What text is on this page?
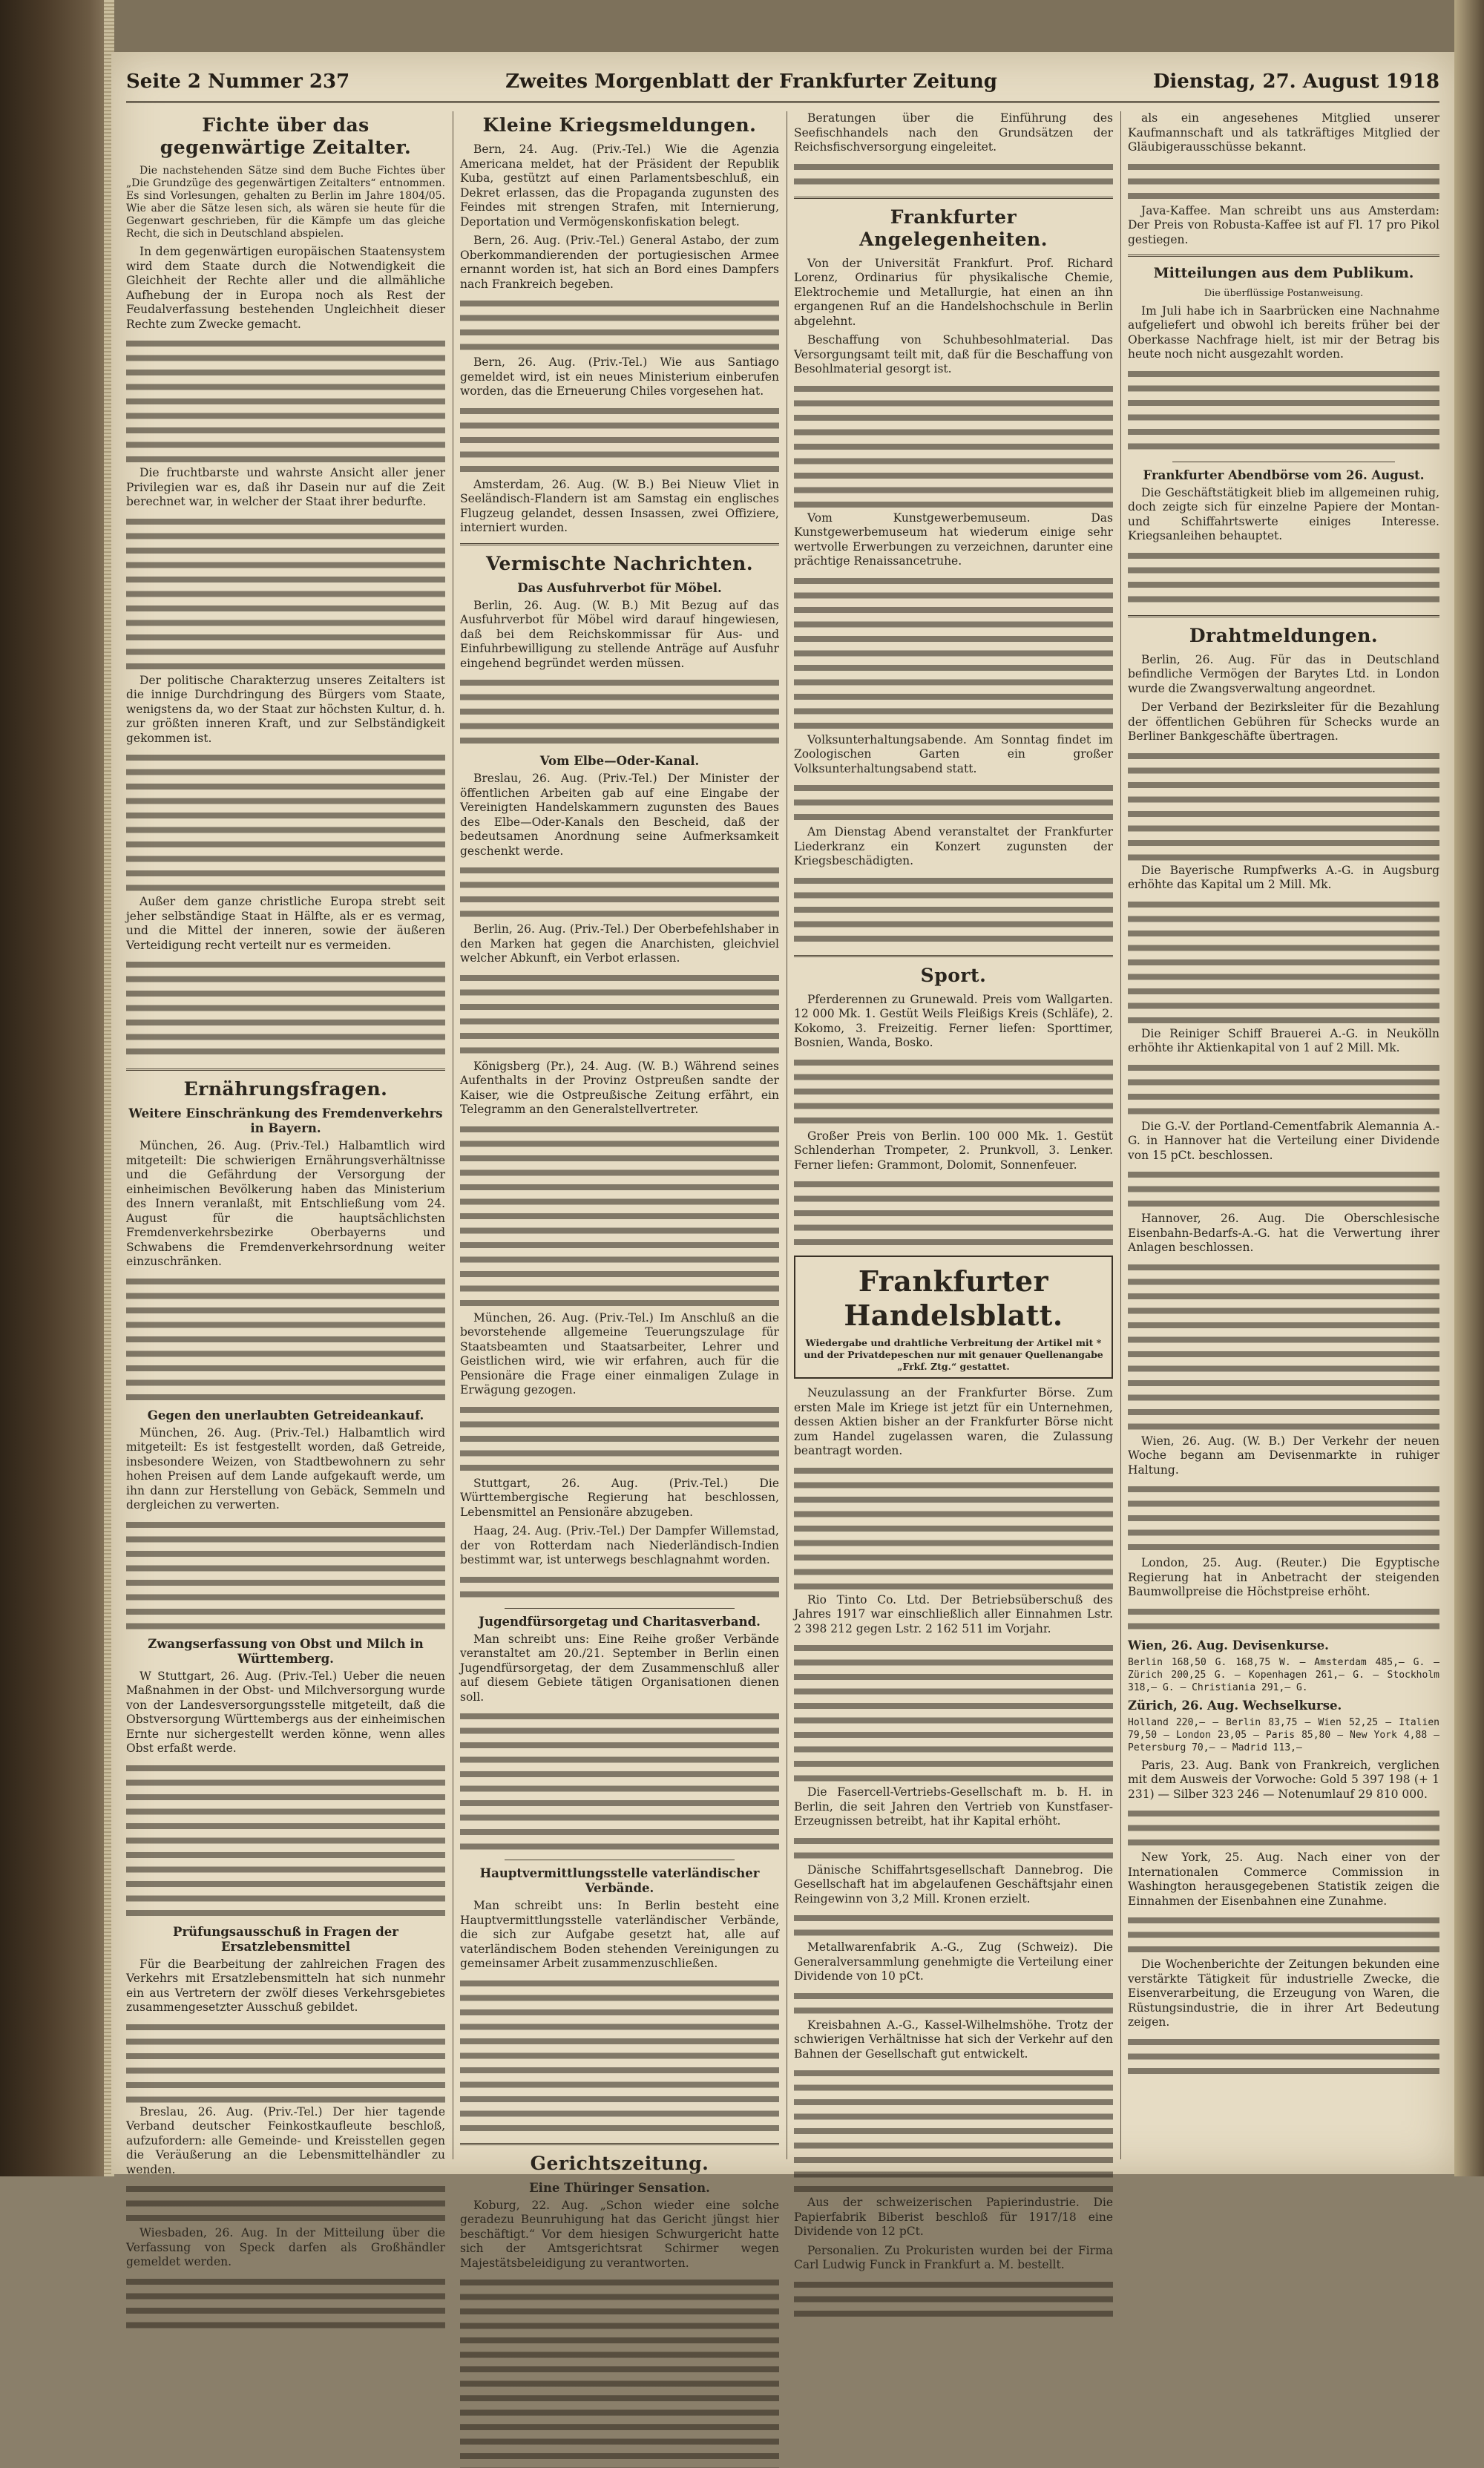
Seite 2 Nummer 237	Zweites Morgenblatt der Frankfurter Zeitung	Dienstag, 27. August 1918
Fichte über das gegenwärtige Zeitalter.

Die nachstehenden Sätze sind dem Buche Fichtes über „Die Grundzüge des gegenwärtigen Zeitalters“ entnommen. Es sind Vorlesungen, gehalten zu Berlin im Jahre 1804/05. Wie aber die Sätze lesen sich, als wären sie heute für die Gegenwart geschrieben, für die Kämpfe um das gleiche Recht, die sich in Deutschland abspielen.

In dem gegenwärtigen europäischen Staatensystem wird dem Staate durch die Notwendigkeit die Gleichheit der Rechte aller und die allmähliche Aufhebung der in Europa noch als Rest der Feudalverfassung bestehenden Ungleichheit dieser Rechte zum Zwecke gemacht.

Die fruchtbarste und wahrste Ansicht aller jener Privilegien war es, daß ihr Dasein nur auf die Zeit berechnet war, in welcher der Staat ihrer bedurfte.

Der politische Charakterzug unseres Zeitalters ist die innige Durchdringung des Bürgers vom Staate, wenigstens da, wo der Staat zur höchsten Kultur, d. h. zur größten inneren Kraft, und zur Selbständigkeit gekommen ist.

Außer dem ganze christliche Europa strebt seit jeher selbständige Staat in Hälfte, als er es vermag, und die Mittel der inneren, sowie der äußeren Verteidigung recht verteilt nur es vermeiden.

Ernährungsfragen.
Weitere Einschränkung des Fremdenverkehrs in Bayern.

München, 26. Aug. (Priv.-Tel.) Halbamtlich wird mitgeteilt: Die schwierigen Ernährungsverhältnisse und die Gefährdung der Versorgung der einheimischen Bevölkerung haben das Ministerium des Innern veranlaßt, mit Entschließung vom 24. August für die hauptsächlichsten Fremdenverkehrsbezirke Oberbayerns und Schwabens die Fremdenverkehrsordnung weiter einzuschränken.

Gegen den unerlaubten Getreideankauf.

München, 26. Aug. (Priv.-Tel.) Halbamtlich wird mitgeteilt: Es ist festgestellt worden, daß Getreide, insbesondere Weizen, von Stadtbewohnern zu sehr hohen Preisen auf dem Lande aufgekauft werde, um ihn dann zur Herstellung von Gebäck, Semmeln und dergleichen zu verwerten.

Zwangserfassung von Obst und Milch in Württemberg.

W Stuttgart, 26. Aug. (Priv.-Tel.) Ueber die neuen Maßnahmen in der Obst- und Milchversorgung wurde von der Landesversorgungsstelle mitgeteilt, daß die Obstversorgung Württembergs aus der einheimischen Ernte nur sichergestellt werden könne, wenn alles Obst erfaßt werde.

Prüfungsausschuß in Fragen der Ersatzlebensmittel

Für die Bearbeitung der zahlreichen Fragen des Verkehrs mit Ersatzlebensmitteln hat sich nunmehr ein aus Vertretern der zwölf dieses Verkehrsgebietes zusammengesetzter Ausschuß gebildet.

Breslau, 26. Aug. (Priv.-Tel.) Der hier tagende Verband deutscher Feinkostkaufleute beschloß, aufzufordern: alle Gemeinde- und Kreisstellen gegen die Veräußerung an die Lebensmittelhändler zu wenden.

Wiesbaden, 26. Aug. In der Mitteilung über die Verfassung von Speck darfen als Großhändler gemeldet werden.

Kleine Kriegsmeldungen.

Bern, 24. Aug. (Priv.-Tel.) Wie die Agenzia Americana meldet, hat der Präsident der Republik Kuba, gestützt auf einen Parlamentsbeschluß, ein Dekret erlassen, das die Propaganda zugunsten des Feindes mit strengen Strafen, mit Internierung, Deportation und Vermögenskonfiskation belegt.

Bern, 26. Aug. (Priv.-Tel.) General Astabo, der zum Oberkommandierenden der portugiesischen Armee ernannt worden ist, hat sich an Bord eines Dampfers nach Frankreich begeben.

Bern, 26. Aug. (Priv.-Tel.) Wie aus Santiago gemeldet wird, ist ein neues Ministerium einberufen worden, das die Erneuerung Chiles vorgesehen hat.

Amsterdam, 26. Aug. (W. B.) Bei Nieuw Vliet in Seeländisch-Flandern ist am Samstag ein englisches Flugzeug gelandet, dessen Insassen, zwei Offiziere, interniert wurden.

Vermischte Nachrichten.
Das Ausfuhrverbot für Möbel.

Berlin, 26. Aug. (W. B.) Mit Bezug auf das Ausfuhrverbot für Möbel wird darauf hingewiesen, daß bei dem Reichskommissar für Aus- und Einfuhrbewilligung zu stellende Anträge auf Ausfuhr eingehend begründet werden müssen.

Vom Elbe—Oder-Kanal.

Breslau, 26. Aug. (Priv.-Tel.) Der Minister der öffentlichen Arbeiten gab auf eine Eingabe der Vereinigten Handelskammern zugunsten des Baues des Elbe—Oder-Kanals den Bescheid, daß der bedeutsamen Anordnung seine Aufmerksamkeit geschenkt werde.

Berlin, 26. Aug. (Priv.-Tel.) Der Oberbefehlshaber in den Marken hat gegen die Anarchisten, gleichviel welcher Abkunft, ein Verbot erlassen.

Königsberg (Pr.), 24. Aug. (W. B.) Während seines Aufenthalts in der Provinz Ostpreußen sandte der Kaiser, wie die Ostpreußische Zeitung erfährt, ein Telegramm an den Generalstellvertreter.

München, 26. Aug. (Priv.-Tel.) Im Anschluß an die bevorstehende allgemeine Teuerungszulage für Staatsbeamten und Staatsarbeiter, Lehrer und Geistlichen wird, wie wir erfahren, auch für die Pensionäre die Frage einer einmaligen Zulage in Erwägung gezogen.

Stuttgart, 26. Aug. (Priv.-Tel.) Die Württembergische Regierung hat beschlossen, Lebensmittel an Pensionäre abzugeben.

Haag, 24. Aug. (Priv.-Tel.) Der Dampfer Willemstad, der von Rotterdam nach Niederländisch-Indien bestimmt war, ist unterwegs beschlagnahmt worden.

Jugendfürsorgetag und Charitasverband.

Man schreibt uns: Eine Reihe großer Verbände veranstaltet am 20./21. September in Berlin einen Jugendfürsorgetag, der dem Zusammenschluß aller auf diesem Gebiete tätigen Organisationen dienen soll.

Hauptvermittlungsstelle vaterländischer Verbände.

Man schreibt uns: In Berlin besteht eine Hauptvermittlungsstelle vaterländischer Verbände, die sich zur Aufgabe gesetzt hat, alle auf vaterländischem Boden stehenden Vereinigungen zu gemeinsamer Arbeit zusammenzuschließen.

Gerichtszeitung.
Eine Thüringer Sensation.

Koburg, 22. Aug. „Schon wieder eine solche geradezu Beunruhigung hat das Gericht jüngst hier beschäftigt.“ Vor dem hiesigen Schwurgericht hatte sich der Amtsgerichtsrat Schirmer wegen Majestätsbeleidigung zu verantworten.

Beratungen über die Einführung des Seefischhandels nach den Grundsätzen der Reichsfischversorgung eingeleitet.

Frankfurter Angelegenheiten.

Von der Universität Frankfurt. Prof. Richard Lorenz, Ordinarius für physikalische Chemie, Elektrochemie und Metallurgie, hat einen an ihn ergangenen Ruf an die Handelshochschule in Berlin abgelehnt.

Beschaffung von Schuhbesohlmaterial. Das Versorgungsamt teilt mit, daß für die Beschaffung von Besohlmaterial gesorgt ist.

Vom Kunstgewerbemuseum. Das Kunstgewerbemuseum hat wiederum einige sehr wertvolle Erwerbungen zu verzeichnen, darunter eine prächtige Renaissancetruhe.

Volksunterhaltungsabende. Am Sonntag findet im Zoologischen Garten ein großer Volksunterhaltungsabend statt.

Am Dienstag Abend veranstaltet der Frankfurter Liederkranz ein Konzert zugunsten der Kriegsbeschädigten.

Sport.

Pferderennen zu Grunewald. Preis vom Wallgarten. 12 000 Mk. 1. Gestüt Weils Fleißigs Kreis (Schläfe), 2. Kokomo, 3. Freizeitig. Ferner liefen: Sporttimer, Bosnien, Wanda, Bosko.

Großer Preis von Berlin. 100 000 Mk. 1. Gestüt Schlenderhan Trompeter, 2. Prunkvoll, 3. Lenker. Ferner liefen: Grammont, Dolomit, Sonnenfeuer.

Frankfurter Handelsblatt.
Wiedergabe und drahtliche Verbreitung der Artikel mit * und der Privatdepeschen nur mit genauer Quellenangabe „Frkf. Ztg.“ gestattet.

Neuzulassung an der Frankfurter Börse. Zum ersten Male im Kriege ist jetzt für ein Unternehmen, dessen Aktien bisher an der Frankfurter Börse nicht zum Handel zugelassen waren, die Zulassung beantragt worden.

Rio Tinto Co. Ltd. Der Betriebsüberschuß des Jahres 1917 war einschließlich aller Einnahmen Lstr. 2 398 212 gegen Lstr. 2 162 511 im Vorjahr.

Die Fasercell-Vertriebs-Gesellschaft m. b. H. in Berlin, die seit Jahren den Vertrieb von Kunstfaser-Erzeugnissen betreibt, hat ihr Kapital erhöht.

Dänische Schiffahrtsgesellschaft Dannebrog. Die Gesellschaft hat im abgelaufenen Geschäftsjahr einen Reingewinn von 3,2 Mill. Kronen erzielt.

Metallwarenfabrik A.-G., Zug (Schweiz). Die Generalversammlung genehmigte die Verteilung einer Dividende von 10 pCt.

Kreisbahnen A.-G., Kassel-Wilhelmshöhe. Trotz der schwierigen Verhältnisse hat sich der Verkehr auf den Bahnen der Gesellschaft gut entwickelt.

Aus der schweizerischen Papierindustrie. Die Papierfabrik Biberist beschloß für 1917/18 eine Dividende von 12 pCt.

Personalien. Zu Prokuristen wurden bei der Firma Carl Ludwig Funck in Frankfurt a. M. bestellt.

als ein angesehenes Mitglied unserer Kaufmannschaft und als tatkräftiges Mitglied der Gläubigerausschüsse bekannt.

Java-Kaffee. Man schreibt uns aus Amsterdam: Der Preis von Robusta-Kaffee ist auf Fl. 17 pro Pikol gestiegen.

Mitteilungen aus dem Publikum.
Die überflüssige Postanweisung.

Im Juli habe ich in Saarbrücken eine Nachnahme aufgeliefert und obwohl ich bereits früher bei der Oberkasse Nachfrage hielt, ist mir der Betrag bis heute noch nicht ausgezahlt worden.

Frankfurter Abendbörse vom 26. August.

Die Geschäftstätigkeit blieb im allgemeinen ruhig, doch zeigte sich für einzelne Papiere der Montan- und Schiffahrtswerte einiges Interesse. Kriegsanleihen behauptet.

Drahtmeldungen.

Berlin, 26. Aug. Für das in Deutschland befindliche Vermögen der Barytes Ltd. in London wurde die Zwangsverwaltung angeordnet.

Der Verband der Bezirksleiter für die Bezahlung der öffentlichen Gebühren für Schecks wurde an Berliner Bankgeschäfte übertragen.

Die Bayerische Rumpfwerks A.-G. in Augsburg erhöhte das Kapital um 2 Mill. Mk.

Die Reiniger Schiff Brauerei A.-G. in Neukölln erhöhte ihr Aktienkapital von 1 auf 2 Mill. Mk.

Die G.-V. der Portland-Cementfabrik Alemannia A.-G. in Hannover hat die Verteilung einer Dividende von 15 pCt. beschlossen.

Hannover, 26. Aug. Die Oberschlesische Eisenbahn-Bedarfs-A.-G. hat die Verwertung ihrer Anlagen beschlossen.

Wien, 26. Aug. (W. B.) Der Verkehr der neuen Woche begann am Devisenmarkte in ruhiger Haltung.

London, 25. Aug. (Reuter.) Die Egyptische Regierung hat in Anbetracht der steigenden Baumwollpreise die Höchstpreise erhöht.

Wien, 26. Aug. Devisenkurse.

Berlin 168,50 G. 168,75 W. — Amsterdam 485,— G. — Zürich 200,25 G. — Kopenhagen 261,— G. — Stockholm 318,— G. — Christiania 291,— G.

Zürich, 26. Aug. Wechselkurse.

Holland 220,— — Berlin 83,75 — Wien 52,25 — Italien 79,50 — London 23,05 — Paris 85,80 — New York 4,88 — Petersburg 70,— — Madrid 113,—

Paris, 23. Aug. Bank von Frankreich, verglichen mit dem Ausweis der Vorwoche: Gold 5 397 198 (+ 1 231) — Silber 323 246 — Notenumlauf 29 810 000.

New York, 25. Aug. Nach einer von der Internationalen Commerce Commission in Washington herausgegebenen Statistik zeigen die Einnahmen der Eisenbahnen eine Zunahme.

Die Wochenberichte der Zeitungen bekunden eine verstärkte Tätigkeit für industrielle Zwecke, die Eisenverarbeitung, die Erzeugung von Waren, die Rüstungsindustrie, die in ihrer Art Bedeutung zeigen.
